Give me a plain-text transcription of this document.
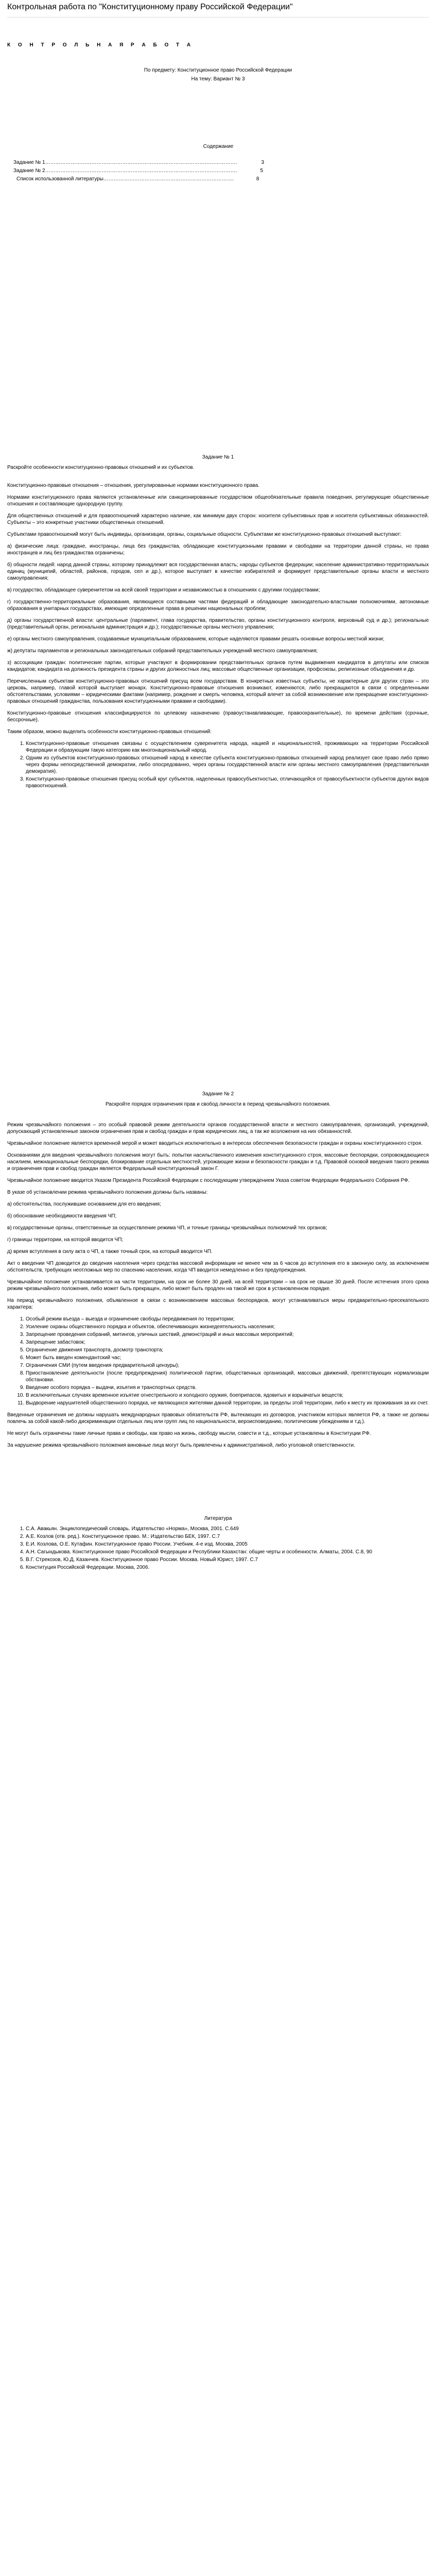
Контрольная работа по "Конституционному праву Российской Федерации"
К О Н Т Р О Л Ь Н А Я Р А Б О Т А

По предмету: Конституционное право Российской Федерации

На тему: Вариант № 3

Содержание
Задание № 1 ………………………………………………………………………………………………….	3
Задание № 2 ………………………………………………………………………………………………….	5
Список использованной литературы ………………………………………………………………….	8
Задание № 1

Раскройте особенности конституционно-правовых отношений и их субъектов.

Конституционно-правовые отношения – отношения, урегулированные нормами конституционного права.

Нормами конституционного права являются установленные или санкционированные государством общеобязательные правила поведения, регулирующие общественные отношения и составляющие однородную группу.

Для общественных отношений и для правоотношений характерно наличие, как минимум двух сторон: носителя субъективных прав и носителя субъективных обязанностей. Субъекты – это конкретные участники общественных отношений.

Субъектами правоотношений могут быть индивиды, организации, органы, социальные общности. Субъектами же конституционно-правовых отношений выступают:

а) физические лица: граждане, иностранцы, лица без гражданства, обладающие конституционными правами и свободами на территории данной страны, но права иностранцев и лиц без гражданства ограничены;

б) общности людей: народ данной страны, которому принадлежит вся государственная власть; народы субъектов федерации; население административно-территориальных единиц (муниципий, областей, районов, городов, сел и др.), которое выступает в качестве избирателей и формирует представительные органы власти и местного самоуправления;

в) государство, обладающее суверенитетом на всей своей территории и независимостью в отношениях с другими государствами;

г) государственно-территориальные образования, являющиеся составными частями федераций и обладающие законодательно-властными полномочиями, автономные образования в унитарных государствах, имеющие определенные права в решении национальных проблем;

д) органы государственной власти: центральные (парламент, глава государства, правительство, органы конституционного контроля, верховный суд и др.); региональные (представительный орган, региональная администрация и др.); государственные органы местного управления;

е) органы местного самоуправления, создаваемые муниципальным образованием, которые наделяются правами решать основные вопросы местной жизни;

ж) депутаты парламентов и региональных законодательных собраний представительных учреждений местного самоуправления;

з) ассоциации граждан: политические партии, которые участвуют в формировании представительных органов путем выдвижения кандидатов в депутаты или списков кандидатов; кандидата на должность президента страны и других должностных лиц; массовые общественные организации, профсоюзы, религиозные объединения и др.

Перечисленным субъектам конституционно-правовых отношений присущ всем государствам. В конкретных известных субъекты, не характерные для других стран – это церковь, например, главой которой выступает монарх. Конституционно-правовые отношения возникают, изменяются, либо прекращаются в связи с определенными обстоятельствами, условиями – юридическими фактами (например, рождение и смерть человека, который влечет за собой возникновение или прекращение конституционно-правовых отношений гражданства, пользования конституционными правами и свободами).

Конституционно-правовые отношения классифицируются по целевому назначению (правоустанавливающие, правоохранительные), по времени действия (срочные, бессрочные).

Таким образом, можно выделить особенности конституционно-правовых отношений:

1. Конституционно-правовые отношения связаны с осуществлением суверенитета народа, нацией и национальностей, проживающих на территории Российской Федерации и образующим такую категорию как многонациональный народ.
2. Одним из субъектов конституционно-правовых отношений народ в качестве субъекта конституционно-правовых отношений народ реализует свое право либо прямо через формы непосредственной демократии, либо опосредованно, через органы государственной власти или органы местного самоуправления (представительная демократия).
3. Конституционно-правовые отношения присущ особый круг субъектов, наделенных правосубъектностью, отличающейся от правосубъектности субъектов других видов правоотношений.
Задание № 2

Раскройте порядок ограничения прав и свобод личности в период чрезвычайного положения.

Режим чрезвычайного положения – это особый правовой режим деятельности органов государственной власти и местного самоуправления, организаций, учреждений, допускающий установленные законом ограничения прав и свобод граждан и прав юридических лиц, а так же возложения на них обязанностей.

Чрезвычайное положение является временной мерой и может вводиться исключительно в интересах обеспечения безопасности граждан и охраны конституционного строя.

Основаниями для введения чрезвычайного положения могут быть: попытки насильственного изменения конституционного строя, массовые беспорядки, сопровождающиеся насилием, межнациональные беспорядки, блокирование отдельных местностей, угрожающие жизни и безопасности граждан и т.д. Правовой основой введения такого режима и ограничения прав и свобод граждан является Федеральный конституционный закон Г.

Чрезвычайное положение вводится Указом Президента Российской Федерации с последующим утверждением Указа советом Федерации Федерального Собрания РФ.

В указе об установлении режима чрезвычайного положения должны быть названы:

а) обстоятельства, послужившие основанием для его введения;

б) обоснование необходимости введения ЧП;

в) государственные органы, ответственные за осуществление режима ЧП, и точные границы чрезвычайных полномочий тех органов;

г) границы территории, на которой вводится ЧП;

д) время вступления в силу акта о ЧП, а также точный срок, на который вводится ЧП.

Акт о введении ЧП доводится до сведения населения через средства массовой информации не менее чем за 6 часов до вступления его в законную силу, за исключением обстоятельств, требующих неотложных мер по спасению населения, когда ЧП вводится немедленно и без предупреждения.

Чрезвычайное положение устанавливается на части территории, на срок не более 30 дней, на всей территории – на срок не свыше 30 дней. После истечения этого срока режим чрезвычайного положения, либо может быть прекращен, либо может быть продлен на такой же срок в установленном порядке.

На период чрезвычайного положения, объявленное в связи с возникновением массовых беспорядков, могут устанавливаться меры предварительно-пресекательного характера:

1. Особый режим въезда – выезда и ограничение свободы передвижения по территории;
2. Усиление охраны общественного порядка и объектов, обеспечивающих жизнедеятельность населения;
3. Запрещение проведения собраний, митингов, уличных шествий, демонстраций и иных массовых мероприятий;
4. Запрещение забастовок;
5. Ограничение движения транспорта, досмотр транспорта;
6. Может быть введен комендантский час;
7. Ограничения СМИ (путем введения предварительной цензуры);
8. Приостановление деятельности (после предупреждения) политической партии, общественных организаций, массовых движений, препятствующих нормализации обстановки.
9. Введение особого порядка – выдачи, изъятия и транспортных средств.
10. В исключительных случаях временное изъятие огнестрельного и холодного оружия, боеприпасов, ядовитых и взрывчатых веществ;
11. Выдворение нарушителей общественного порядка, не являющихся жителями данной территории, за пределы этой территории, либо к месту их проживания за их счет.

Введенные ограничения не должны нарушать международных правовых обязательств РФ, вытекающих из договоров, участником которых является РФ, а также не должны повлечь за собой какой-либо дискриминации отдельных лиц или групп лиц по национальности, вероисповеданию, политическим убеждениям и т.д.).

Не могут быть ограничены такие личные права и свободы, как право на жизнь, свободу мысли, совести и т.д., которые установлены в Конституции РФ.

За нарушение режима чрезвычайного положения виновные лица могут быть привлечены к административной, либо уголовной ответственности.

Литература
1. С.А. Авакьян. Энциклопедический словарь. Издательство «Норма», Москва, 2001. С.649
2. А.Е. Козлов (отв. ред.). Конституционное право. М.: Издательство БЕК, 1997. С.7
3. Е.И. Козлова, О.Е. Кутафин. Конституционное право России. Учебник. 4-е изд. Москва, 2005
4. А.Н. Сагындыкова. Конституционное право Российской Федерации и Республики Казахстан: общие черты и особенности. Алматы, 2004. С.8, 90
5. В.Г. Стрекозов, Ю.Д. Казанчев. Конституционное право России. Москва. Новый Юрист, 1997. С.7
6. Конституция Российской Федерации. Москва, 2006.
